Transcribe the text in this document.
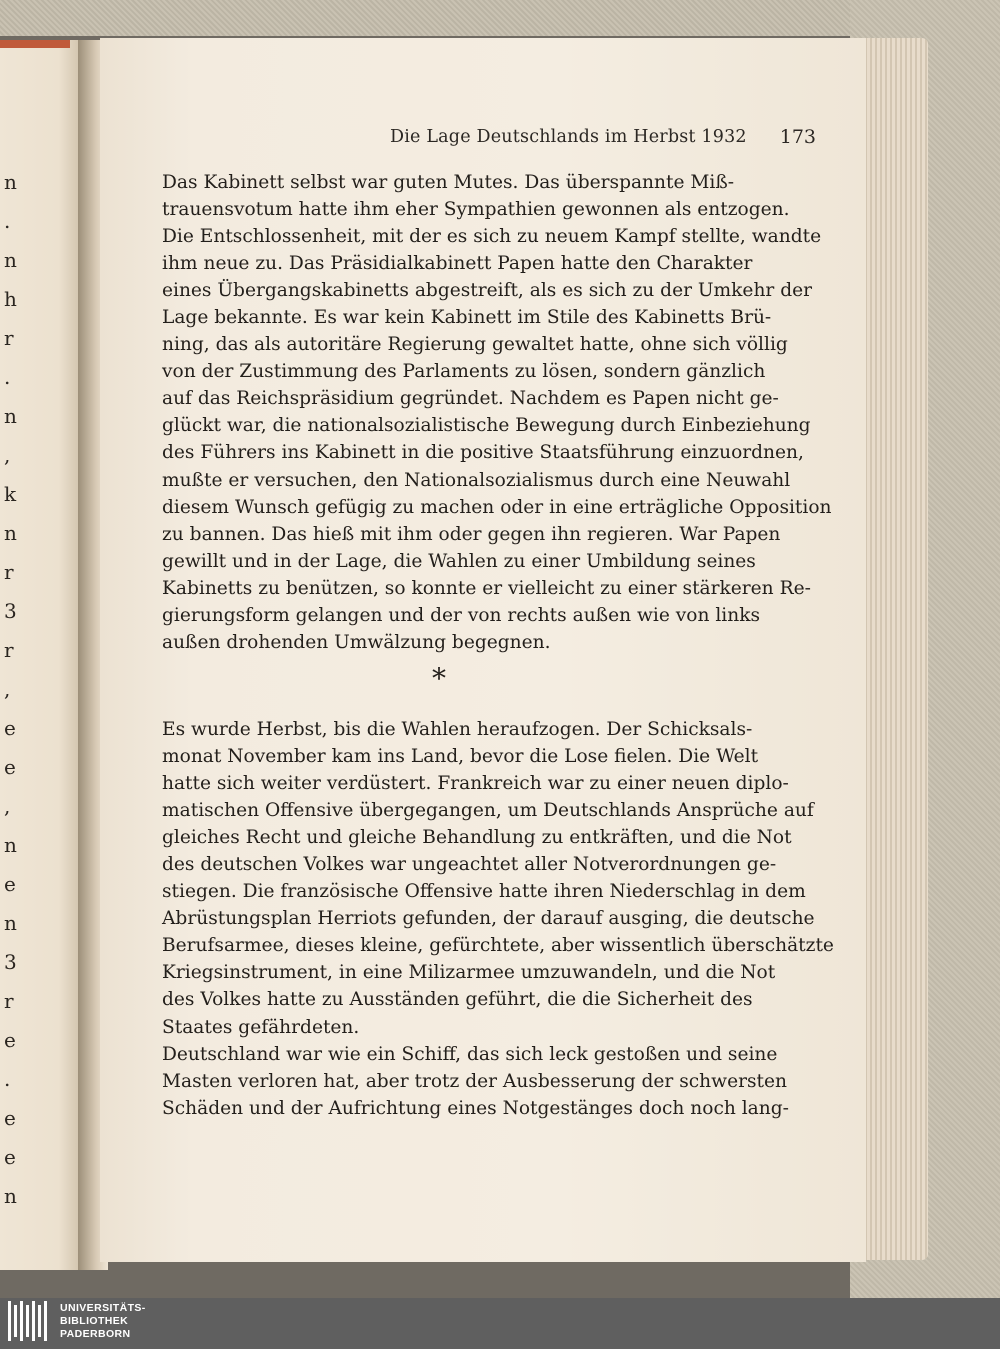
n
.
n
h
r
.
n
,
k
n
r
3
r
,
e
e
,
n
e
n
3
r
e
.
e
e
n
Die Lage Deutschlands im Herbst 1932 173
Das Kabinett selbst war guten Mutes. Das überspannte Miß-
trauensvotum hatte ihm eher Sympathien gewonnen als entzogen.
Die Entschlossenheit, mit der es sich zu neuem Kampf stellte, wandte
ihm neue zu. Das Präsidialkabinett Papen hatte den Charakter
eines Übergangskabinetts abgestreift, als es sich zu der Umkehr der
Lage bekannte. Es war kein Kabinett im Stile des Kabinetts Brü-
ning, das als autoritäre Regierung gewaltet hatte, ohne sich völlig
von der Zustimmung des Parlaments zu lösen, sondern gänzlich
auf das Reichspräsidium gegründet. Nachdem es Papen nicht ge-
glückt war, die nationalsozialistische Bewegung durch Einbeziehung
des Führers ins Kabinett in die positive Staatsführung einzuordnen,
mußte er versuchen, den Nationalsozialismus durch eine Neuwahl
diesem Wunsch gefügig zu machen oder in eine erträgliche Opposition
zu bannen. Das hieß mit ihm oder gegen ihn regieren. War Papen
gewillt und in der Lage, die Wahlen zu einer Umbildung seines
Kabinetts zu benützen, so konnte er vielleicht zu einer stärkeren Re-
gierungsform gelangen und der von rechts außen wie von links
außen drohenden Umwälzung begegnen.
*
Es wurde Herbst, bis die Wahlen heraufzogen. Der Schicksals-
monat November kam ins Land, bevor die Lose fielen. Die Welt
hatte sich weiter verdüstert. Frankreich war zu einer neuen diplo-
matischen Offensive übergegangen, um Deutschlands Ansprüche auf
gleiches Recht und gleiche Behandlung zu entkräften, und die Not
des deutschen Volkes war ungeachtet aller Notverordnungen ge-
stiegen. Die französische Offensive hatte ihren Niederschlag in dem
Abrüstungsplan Herriots gefunden, der darauf ausging, die deutsche
Berufsarmee, dieses kleine, gefürchtete, aber wissentlich überschätzte
Kriegsinstrument, in eine Milizarmee umzuwandeln, und die Not
des Volkes hatte zu Ausständen geführt, die die Sicherheit des
Staates gefährdeten.
Deutschland war wie ein Schiff, das sich leck gestoßen und seine
Masten verloren hat, aber trotz der Ausbesserung der schwersten
Schäden und der Aufrichtung eines Notgestänges doch noch lang-
UNIVERSITÄTS-
BIBLIOTHEK
PADERBORN
